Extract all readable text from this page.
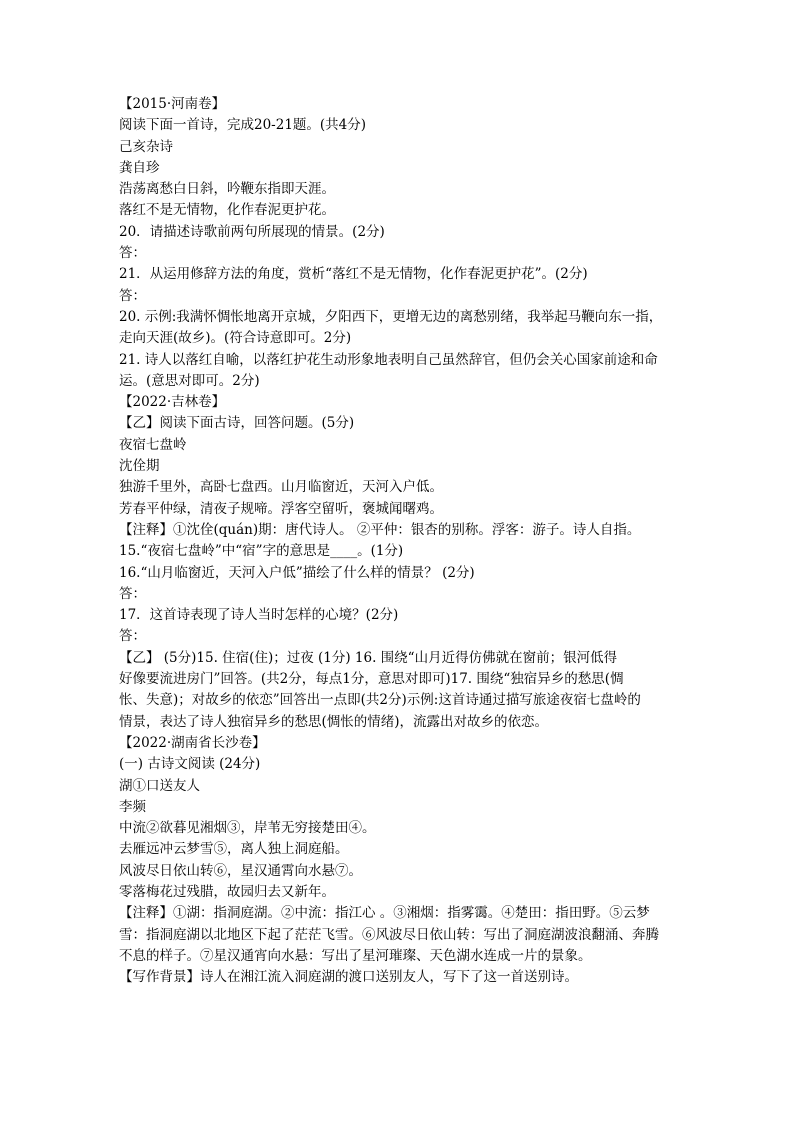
【2015·河南卷】
阅读下面一首诗，完成20-21题。(共4分)
己亥杂诗
龚自珍
浩荡离愁白日斜，吟鞭东指即天涯。
落红不是无情物，化作春泥更护花。
20．请描述诗歌前两句所展现的情景。(2分)
答：
21．从运用修辞方法的角度，赏析“落红不是无情物，化作春泥更护花”。(2分)
答：
20. 示例:我满怀惆怅地离开京城，夕阳西下，更增无边的离愁别绪，我举起马鞭向东一指，
走向天涯(故乡)。(符合诗意即可。2分)
21. 诗人以落红自喻，以落红护花生动形象地表明自己虽然辞官，但仍会关心国家前途和命
运。(意思对即可。2分)
【2022·吉林卷】
【乙】阅读下面古诗，回答问题。(5分)
夜宿七盘岭
沈佺期
独游千里外，高卧七盘西。山月临窗近，天河入户低。
芳春平仲绿，清夜子规啼。浮客空留听，褒城闻曙鸡。
【注释】①沈佺(quán)期：唐代诗人。 ②平仲：银杏的别称。浮客：游子。诗人自指。
15.“夜宿七盘岭”中“宿”字的意思是____。(1分)
16.“山月临窗近，天河入户低”描绘了什么样的情景？ (2分)
答：
17．这首诗表现了诗人当时怎样的心境？(2分)
答：
【乙】 (5分)15. 住宿(住)；过夜 (1分) 16. 围绕“山月近得仿佛就在窗前；银河低得
好像要流进房门”回答。(共2分，每点1分，意思对即可)17. 围绕“独宿异乡的愁思(惆
怅、失意)；对故乡的依恋”回答出一点即(共2分)示例:这首诗通过描写旅途夜宿七盘岭的
情景，表达了诗人独宿异乡的愁思(惆怅的情绪)，流露出对故乡的依恋。
【2022·湖南省长沙卷】
(一) 古诗文阅读 (24分)
湖①口送友人
李频
中流②欲暮见湘烟③，岸苇无穷接楚田④。
去雁远冲云梦雪⑤，离人独上洞庭船。
风波尽日依山转⑥，星汉通霄向水悬⑦。
零落梅花过残腊，故园归去又新年。
【注释】①湖：指洞庭湖。②中流：指江心 。③湘烟：指雾霭。④楚田：指田野。⑤云梦
雪：指洞庭湖以北地区下起了茫茫飞雪。⑥风波尽日依山转：写出了洞庭湖波浪翻涌、奔腾
不息的样子。⑦星汉通宵向水悬：写出了星河璀璨、天色湖水连成一片的景象。
【写作背景】诗人在湘江流入洞庭湖的渡口送别友人，写下了这一首送别诗。
